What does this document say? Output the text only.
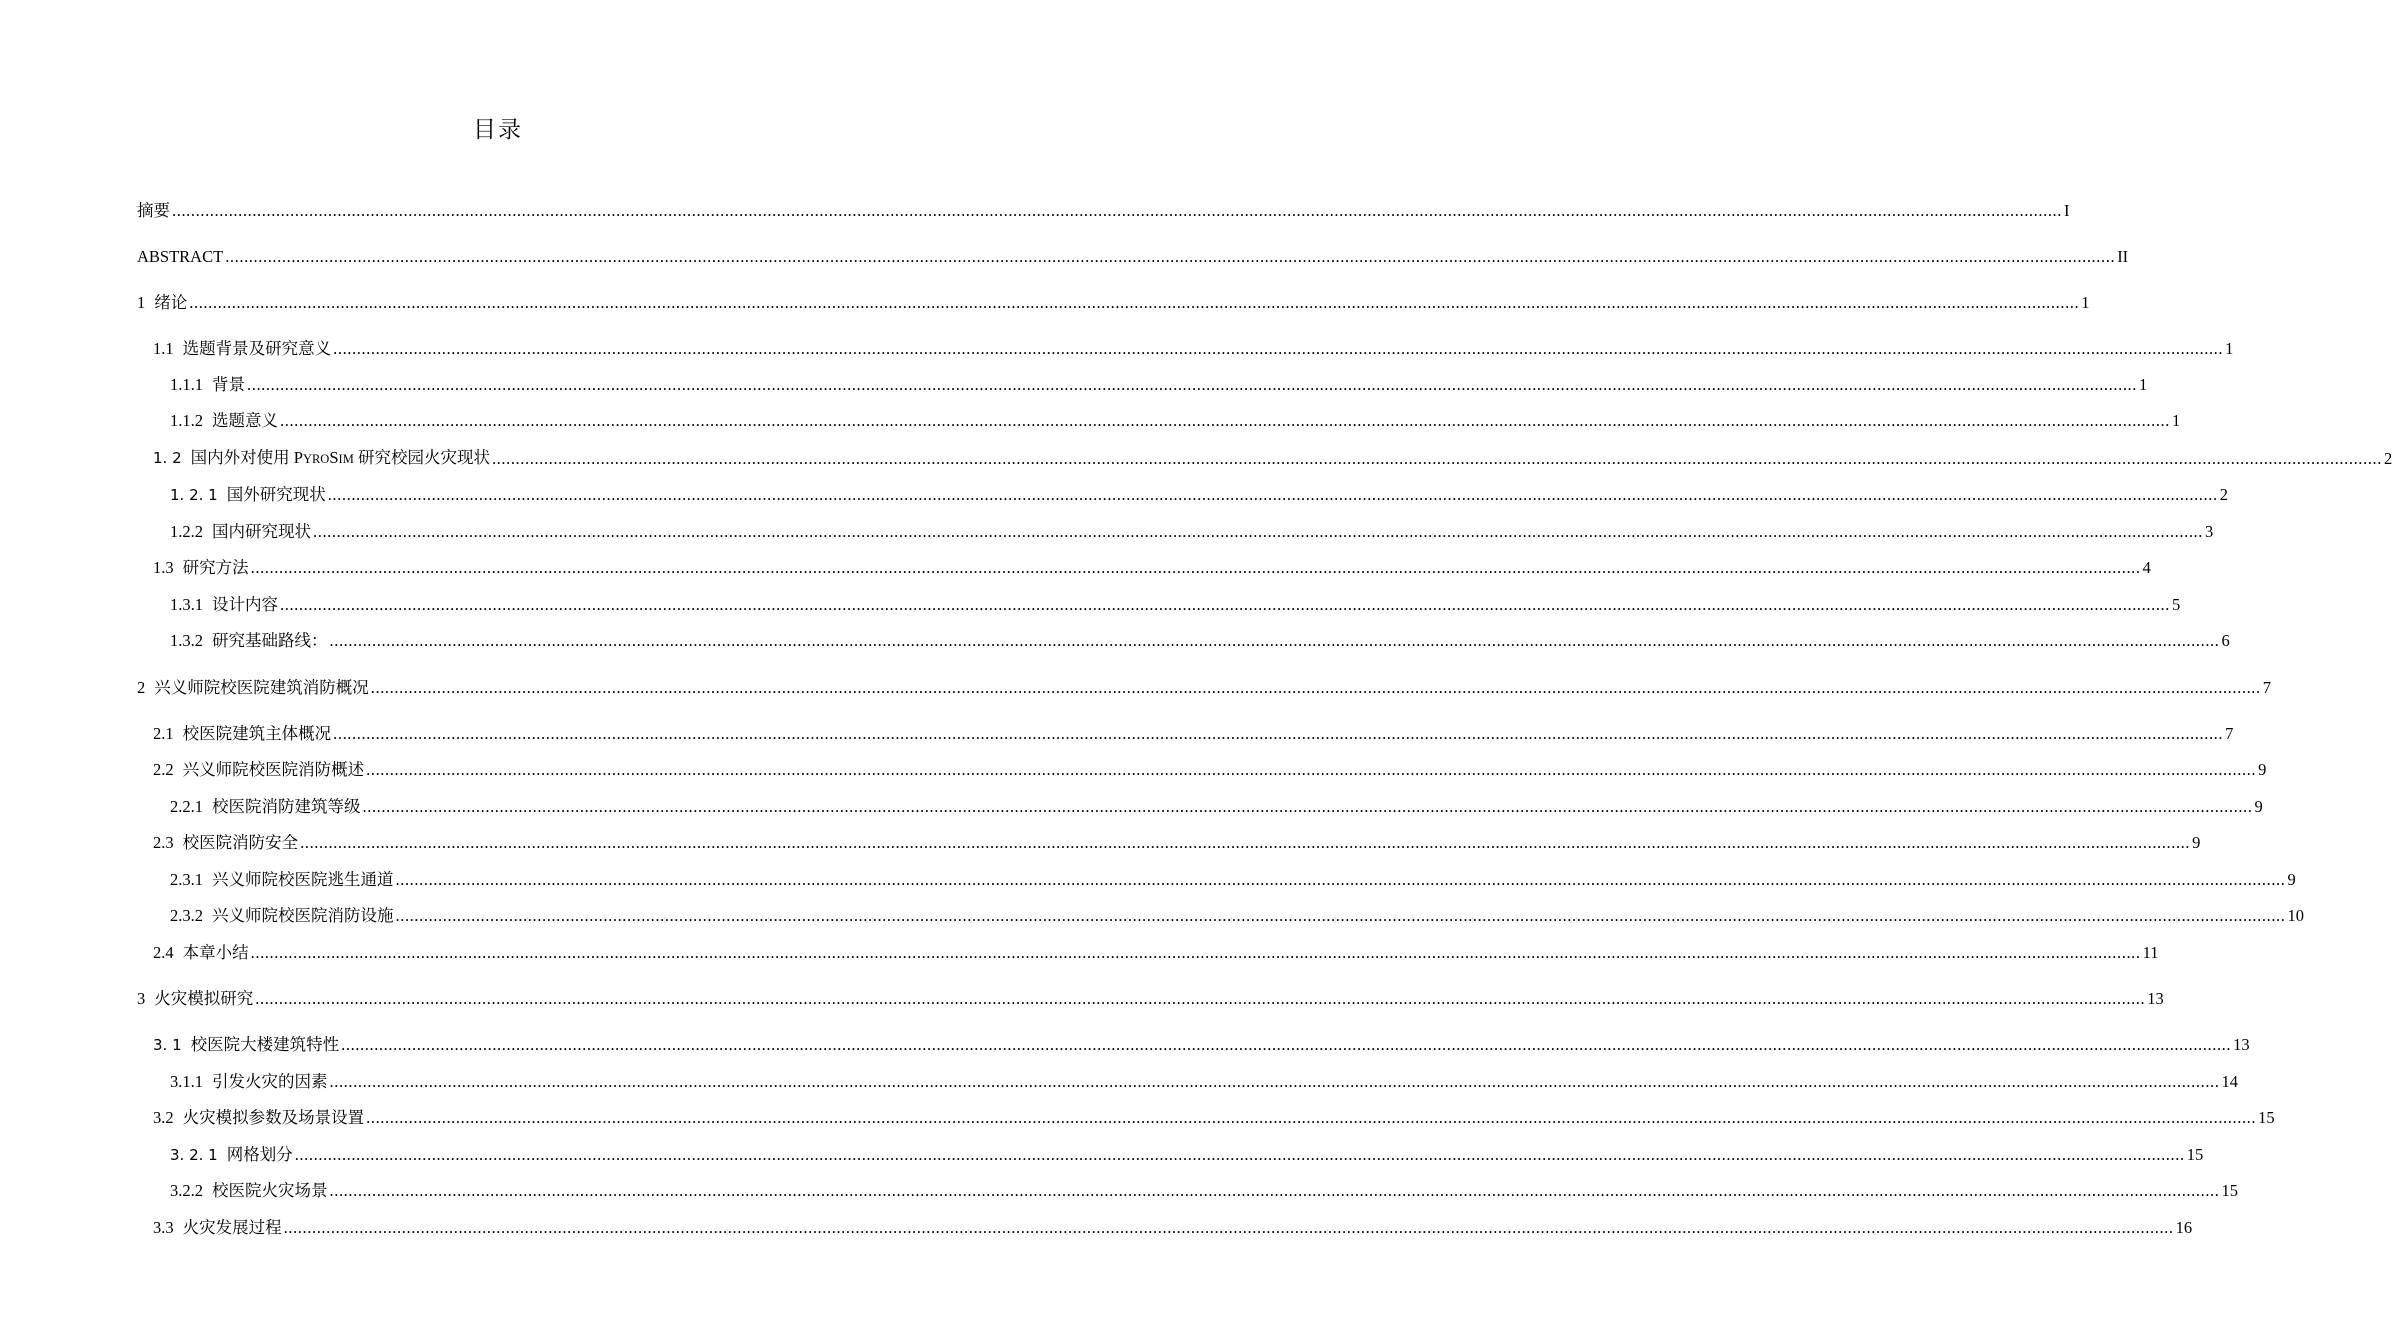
目录
摘要 ................................................................................................................................................................................................................................................................................................................................................................................................................ I
ABSTRACT ................................................................................................................................................................................................................................................................................................................................................................................................................ II
1 绪论 ................................................................................................................................................................................................................................................................................................................................................................................................................ 1
1.1 选题背景及研究意义 ................................................................................................................................................................................................................................................................................................................................................................................................................ 1
1.1.1 背景 ................................................................................................................................................................................................................................................................................................................................................................................................................ 1
1.1.2 选题意义 ................................................................................................................................................................................................................................................................................................................................................................................................................ 1
1. 2 国内外对使用 PYROSIM 研究校园火灾现状 ................................................................................................................................................................................................................................................................................................................................................................................................................ 2
1. 2. 1 国外研究现状 ................................................................................................................................................................................................................................................................................................................................................................................................................ 2
1.2.2 国内研究现状 ................................................................................................................................................................................................................................................................................................................................................................................................................ 3
1.3 研究方法 ................................................................................................................................................................................................................................................................................................................................................................................................................ 4
1.3.1 设计内容 ................................................................................................................................................................................................................................................................................................................................................................................................................ 5
1.3.2 研究基础路线： ................................................................................................................................................................................................................................................................................................................................................................................................................ 6
2 兴义师院校医院建筑消防概况 ................................................................................................................................................................................................................................................................................................................................................................................................................ 7
2.1 校医院建筑主体概况 ................................................................................................................................................................................................................................................................................................................................................................................................................ 7
2.2 兴义师院校医院消防概述 ................................................................................................................................................................................................................................................................................................................................................................................................................ 9
2.2.1 校医院消防建筑等级 ................................................................................................................................................................................................................................................................................................................................................................................................................ 9
2.3 校医院消防安全 ................................................................................................................................................................................................................................................................................................................................................................................................................ 9
2.3.1 兴义师院校医院逃生通道 ................................................................................................................................................................................................................................................................................................................................................................................................................ 9
2.3.2 兴义师院校医院消防设施 ................................................................................................................................................................................................................................................................................................................................................................................................................ 10
2.4 本章小结 ................................................................................................................................................................................................................................................................................................................................................................................................................ 11
3 火灾模拟研究 ................................................................................................................................................................................................................................................................................................................................................................................................................ 13
3. 1 校医院大楼建筑特性 ................................................................................................................................................................................................................................................................................................................................................................................................................ 13
3.1.1 引发火灾的因素 ................................................................................................................................................................................................................................................................................................................................................................................................................ 14
3.2 火灾模拟参数及场景设置 ................................................................................................................................................................................................................................................................................................................................................................................................................ 15
3. 2. 1 网格划分 ................................................................................................................................................................................................................................................................................................................................................................................................................ 15
3.2.2 校医院火灾场景 ................................................................................................................................................................................................................................................................................................................................................................................................................ 15
3.3 火灾发展过程 ................................................................................................................................................................................................................................................................................................................................................................................................................ 16
